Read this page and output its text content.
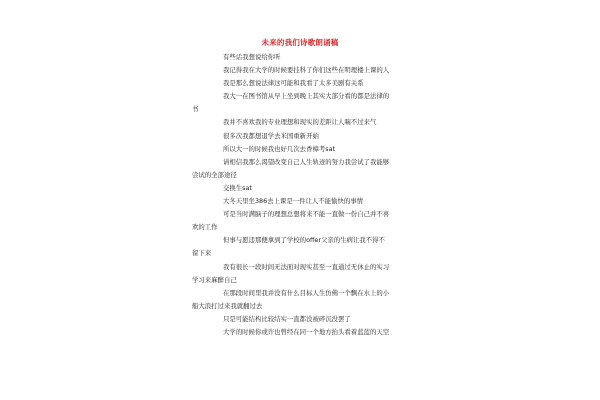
未来的我们诗歌朗诵稿
有些话我想说给你听
我记得我在大学的时候要挂科了你们这些在明理楼上课的人
我是那么想说法律这可能和我看了太多美剧有关系
我大一在图书馆从早上坐到晚上其实大部分看的都是法律的
书
我并不喜欢我的专业理想和现实的差距让人喘不过来气
很多次我都想退学去米国重新开始
所以大一的时候我也好几次去香樟考sat
请相信我那么渴望改变自己人生轨迹的努力我尝试了我能够
尝试的全部途径
交换生sat
大冬天里坐386去上课是一件让人不能愉快的事情
可是当时满脑子的理想总想将来不能一直做一份自己并不喜
欢的工作
但事与愿违那便拿到了学校的offer父亲的生病让我不得不
留下来
我有很长一段时间无法面对现实甚至一直通过无休止的实习
学习来麻醉自己
在那段时间里我并没有什么目标人生仿佛一个飘在水上的小
船大浪打过来我就翻过去
只是可能结构比较结实一直都没被碎沉没罢了
大学的时候你或许也曾经在同一个地方抬头看着蓝蓝的天空
